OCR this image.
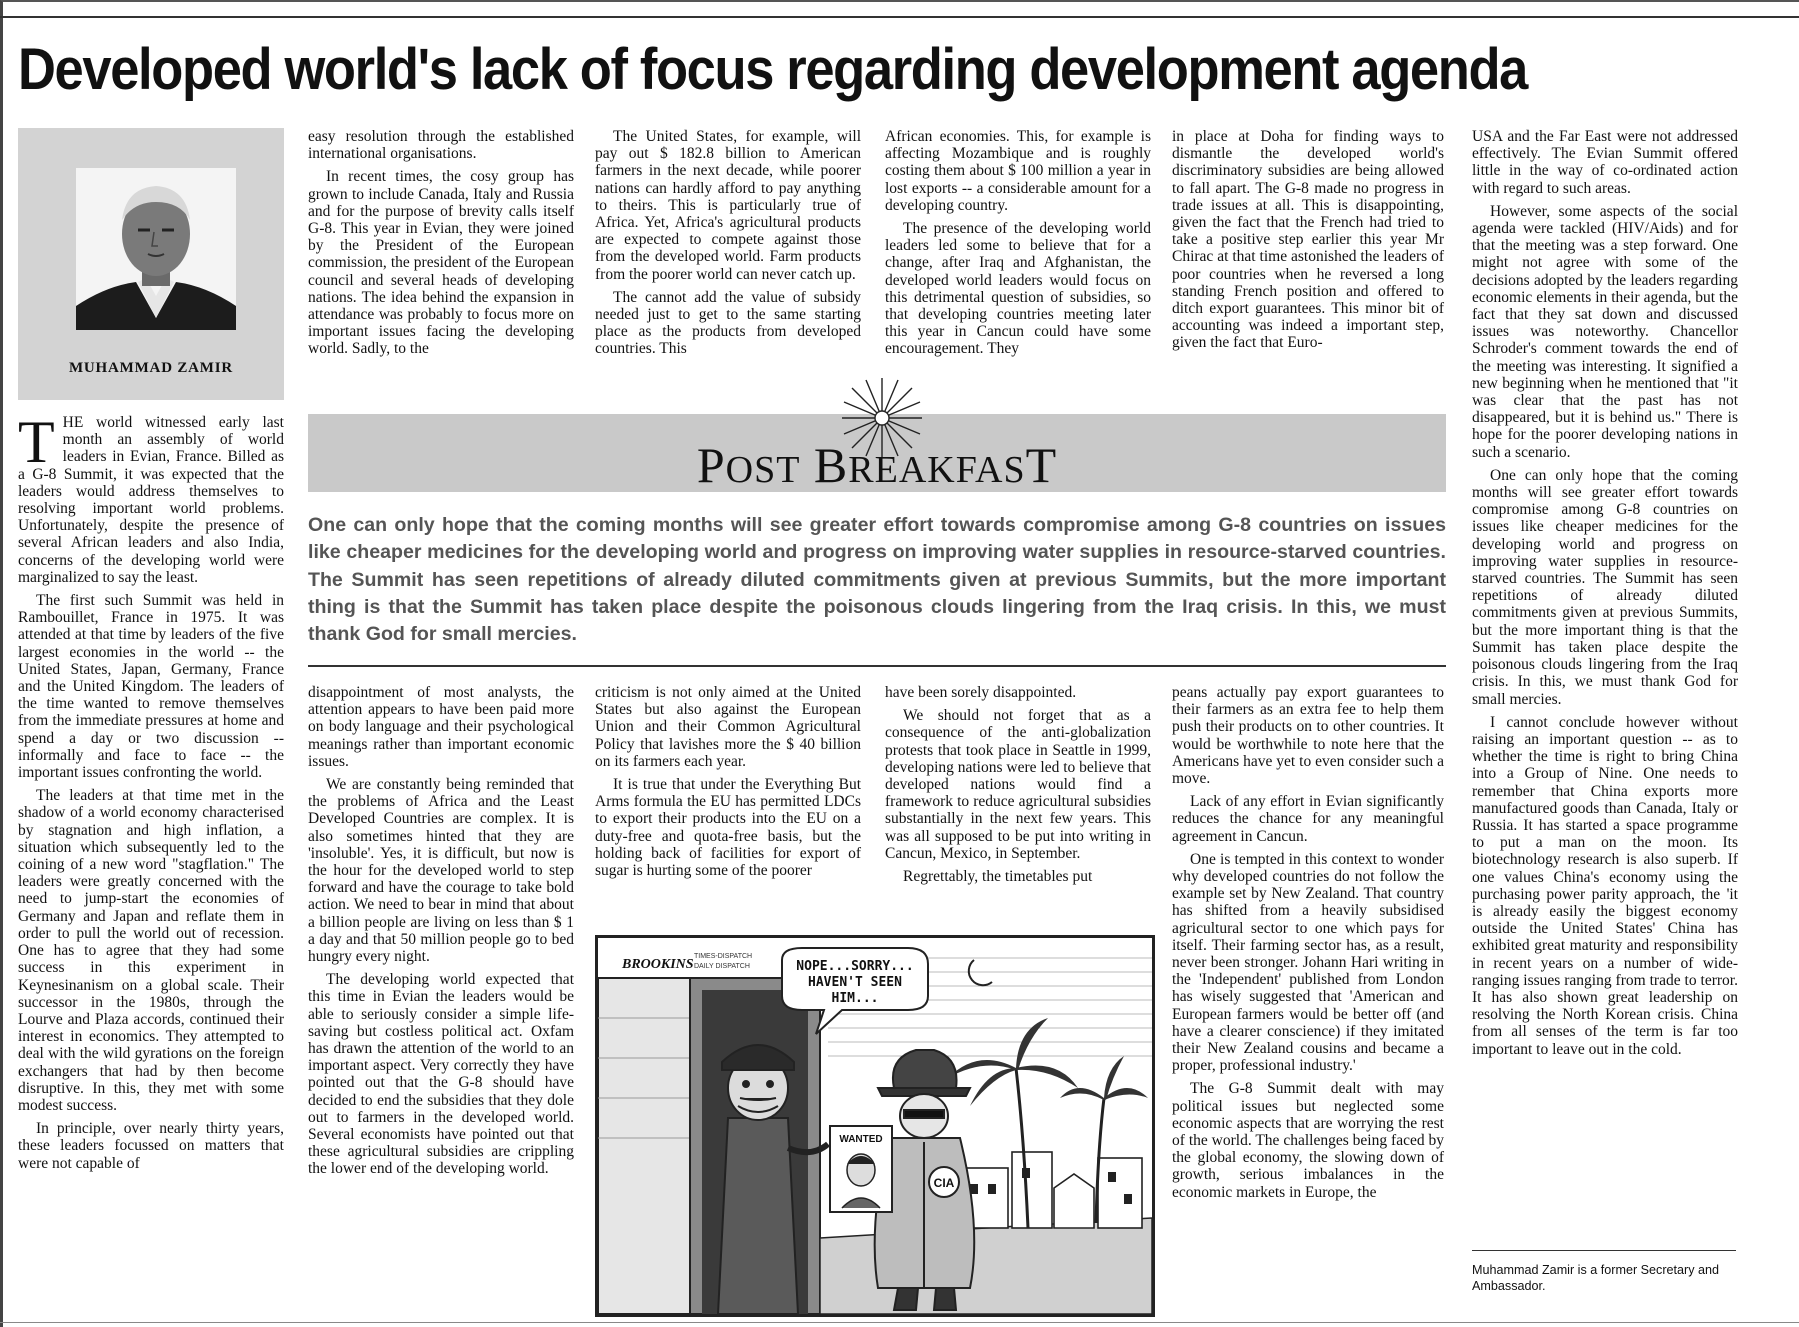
Developed world's lack of focus regarding development agenda
MUHAMMAD ZAMIR

THE world witnessed early last month an assembly of world leaders in Evian, France. Billed as a G-8 Summit, it was expected that the leaders would address themselves to resolving important world problems. Unfortunately, despite the presence of several African leaders and also India, concerns of the developing world were marginalized to say the least.

The first such Summit was held in Rambouillet, France in 1975. It was attended at that time by leaders of the five largest economies in the world -- the United States, Japan, Germany, France and the United Kingdom. The leaders of the time wanted to remove themselves from the immediate pressures at home and spend a day or two discussion -- informally and face to face -- the important issues confronting the world.

The leaders at that time met in the shadow of a world economy characterised by stagnation and high inflation, a situation which subsequently led to the coining of a new word "stagflation." The leaders were greatly concerned with the need to jump-start the economies of Germany and Japan and reflate them in order to pull the world out of recession. One has to agree that they had some success in this experiment in Keynesinanism on a global scale. Their successor in the 1980s, through the Lourve and Plaza accords, continued their interest in economics. They attempted to deal with the wild gyrations on the foreign exchangers that had by then become disruptive. In this, they met with some modest success.

In principle, over nearly thirty years, these leaders focussed on matters that were not capable of

easy resolution through the established international organisations.

In recent times, the cosy group has grown to include Canada, Italy and Russia and for the purpose of brevity calls itself G-8. This year in Evian, they were joined by the President of the European commission, the president of the European council and several heads of developing nations. The idea behind the expansion in attendance was probably to focus more on important issues facing the developing world. Sadly, to the

The United States, for example, will pay out $ 182.8 billion to American farmers in the next decade, while poorer nations can hardly afford to pay anything to theirs. This is particularly true of Africa. Yet, Africa's agricultural products are expected to compete against those from the developed world. Farm products from the poorer world can never catch up.

The cannot add the value of subsidy needed just to get to the same starting place as the products from developed countries. This

African economies. This, for example is affecting Mozambique and is roughly costing them about $ 100 million a year in lost exports -- a considerable amount for a developing country.

The presence of the developing world leaders led some to believe that for a change, after Iraq and Afghanistan, the developed world leaders would focus on this detrimental question of subsidies, so that developing countries meeting later this year in Cancun could have some encouragement. They

in place at Doha for finding ways to dismantle the developed world's discriminatory subsidies are being allowed to fall apart. The G-8 made no progress in trade issues at all. This is disappointing, given the fact that the French had tried to take a positive step earlier this year Mr Chirac at that time astonished the leaders of poor countries when he reversed a long standing French position and offered to ditch export guarantees. This minor bit of accounting was indeed a important step, given the fact that Euro-

POST BREAKFAST
One can only hope that the coming months will see greater effort towards compromise among G-8 countries on issues like cheaper medicines for the developing world and progress on improving water supplies in resource-starved countries. The Summit has seen repetitions of already diluted commitments given at previous Summits, but the more important thing is that the Summit has taken place despite the poisonous clouds lingering from the Iraq crisis. In this, we must thank God for small mercies.

disappointment of most analysts, the attention appears to have been paid more on body language and their psychological meanings rather than important economic issues.

We are constantly being reminded that the problems of Africa and the Least Developed Countries are complex. It is also sometimes hinted that they are 'insoluble'. Yes, it is difficult, but now is the hour for the developed world to step forward and have the courage to take bold action. We need to bear in mind that about a billion people are living on less than $ 1 a day and that 50 million people go to bed hungry every night.

The developing world expected that this time in Evian the leaders would be able to seriously consider a simple life-saving but costless political act. Oxfam has drawn the attention of the world to an important aspect. Very correctly they have pointed out that the G-8 should have decided to end the subsidies that they dole out to farmers in the developed world. Several economists have pointed out that these agricultural subsidies are crippling the lower end of the developing world.

criticism is not only aimed at the United States but also against the European Union and their Common Agricultural Policy that lavishes more the $ 40 billion on its farmers each year.

It is true that under the Everything But Arms formula the EU has permitted LDCs to export their products into the EU on a duty-free and quota-free basis, but the holding back of facilities for export of sugar is hurting some of the poorer

have been sorely disappointed.

We should not forget that as a consequence of the anti-globalization protests that took place in Seattle in 1999, developing nations were led to believe that developed nations would find a framework to reduce agricultural subsidies substantially in the next few years. This was all supposed to be put into writing in Cancun, Mexico, in September.

Regrettably, the timetables put

peans actually pay export guarantees to their farmers as an extra fee to help them push their products on to other countries. It would be worthwhile to note here that the Americans have yet to even consider such a move.

Lack of any effort in Evian significantly reduces the chance for any meaningful agreement in Cancun.

One is tempted in this context to wonder why developed countries do not follow the example set by New Zealand. That country has shifted from a heavily subsidised agricultural sector to one which pays for itself. Their farming sector has, as a result, never been stronger. Johann Hari writing in the 'Independent' published from London has wisely suggested that 'American and European farmers would be better off (and have a clearer conscience) if they imitated their New Zealand cousins and became a proper, professional industry.'

The G-8 Summit dealt with may political issues but neglected some economic aspects that are worrying the rest of the world. The challenges being faced by the global economy, the slowing down of growth, serious imbalances in the economic markets in Europe, the

USA and the Far East were not addressed effectively. The Evian Summit offered little in the way of co-ordinated action with regard to such areas.

However, some aspects of the social agenda were tackled (HIV/Aids) and for that the meeting was a step forward. One might not agree with some of the decisions adopted by the leaders regarding economic elements in their agenda, but the fact that they sat down and discussed issues was noteworthy. Chancellor Schroder's comment towards the end of the meeting was interesting. It signified a new beginning when he mentioned that "it was clear that the past has not disappeared, but it is behind us." There is hope for the poorer developing nations in such a scenario.

One can only hope that the coming months will see greater effort towards compromise among G-8 countries on issues like cheaper medicines for the developing world and progress on improving water supplies in resource-starved countries. The Summit has seen repetitions of already diluted commitments given at previous Summits, but the more important thing is that the Summit has taken place despite the poisonous clouds lingering from the Iraq crisis. In this, we must thank God for small mercies.

I cannot conclude however without raising an important question -- as to whether the time is right to bring China into a Group of Nine. One needs to remember that China exports more manufactured goods than Canada, Italy or Russia. It has started a space programme to put a man on the moon. Its biotechnology research is also superb. If one values China's economy using the purchasing power parity approach, the 'it is already easily the biggest economy outside the United States' China has exhibited great maturity and responsibility in recent years on a number of wide-ranging issues ranging from trade to terror. It has also shown great leadership on resolving the North Korean crisis. China from all senses of the term is far too important to leave out in the cold.

Muhammad Zamir is a former Secretary and Ambassador.
NOPE...SORRY...
HAVEN'T SEEN
HIM...
BROOKINS
TIMES-DISPATCH
DAILY DISPATCH
CIA
WANTED
